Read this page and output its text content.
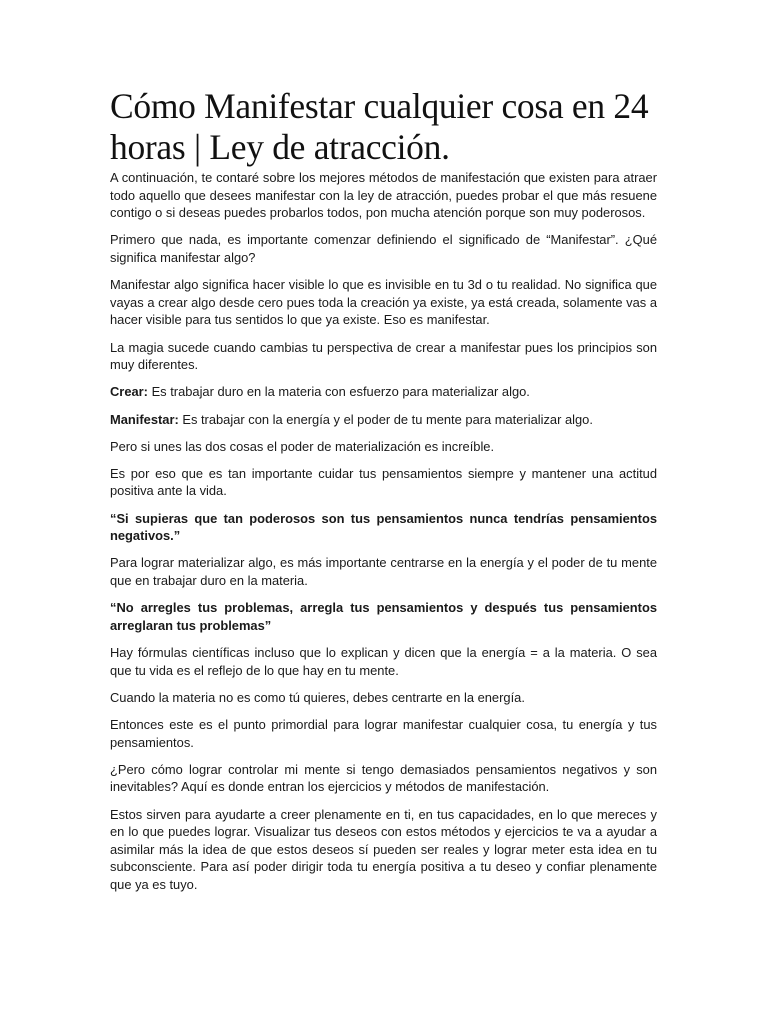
Cómo Manifestar cualquier cosa en 24 horas | Ley de atracción.

A continuación, te contaré sobre los mejores métodos de manifestación que existen para atraer todo aquello que desees manifestar con la ley de atracción, puedes probar el que más resuene contigo o si deseas puedes probarlos todos, pon mucha atención porque son muy poderosos.

Primero que nada, es importante comenzar definiendo el significado de “Manifestar”. ¿Qué significa manifestar algo?

Manifestar algo significa hacer visible lo que es invisible en tu 3d o tu realidad. No significa que vayas a crear algo desde cero pues toda la creación ya existe, ya está creada, solamente vas a hacer visible para tus sentidos lo que ya existe. Eso es manifestar.

La magia sucede cuando cambias tu perspectiva de crear a manifestar pues los principios son muy diferentes.

Crear: Es trabajar duro en la materia con esfuerzo para materializar algo.

Manifestar: Es trabajar con la energía y el poder de tu mente para materializar algo.

Pero si unes las dos cosas el poder de materialización es increíble.

Es por eso que es tan importante cuidar tus pensamientos siempre y mantener una actitud positiva ante la vida.

“Si supieras que tan poderosos son tus pensamientos nunca tendrías pensamientos negativos.”

Para lograr materializar algo, es más importante centrarse en la energía y el poder de tu mente que en trabajar duro en la materia.

“No arregles tus problemas, arregla tus pensamientos y después tus pensamientos arreglaran tus problemas”

Hay fórmulas científicas incluso que lo explican y dicen que la energía = a la materia. O sea que tu vida es el reflejo de lo que hay en tu mente.

Cuando la materia no es como tú quieres, debes centrarte en la energía.

Entonces este es el punto primordial para lograr manifestar cualquier cosa, tu energía y tus pensamientos.

¿Pero cómo lograr controlar mi mente si tengo demasiados pensamientos negativos y son inevitables? Aquí es donde entran los ejercicios y métodos de manifestación.

Estos sirven para ayudarte a creer plenamente en ti, en tus capacidades, en lo que mereces y en lo que puedes lograr. Visualizar tus deseos con estos métodos y ejercicios te va a ayudar a asimilar más la idea de que estos deseos sí pueden ser reales y lograr meter esta idea en tu subconsciente. Para así poder dirigir toda tu energía positiva a tu deseo y confiar plenamente que ya es tuyo.
